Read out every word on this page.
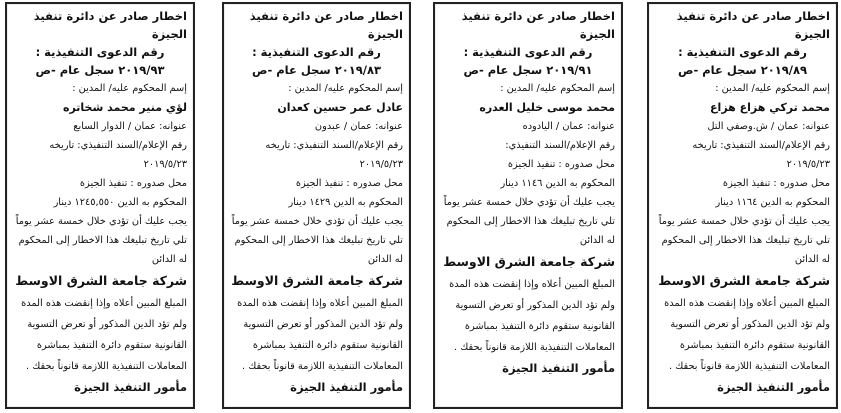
اخطار صادر عن دائرة تنفيذ الجيزة
رقم الدعوى التنفيذية :
٢٠١٩/٨٩ سجل عام -ص
إسم المحكوم عليه/ المدين :
محمد تركي هزاع هزاع
عنوانه: عمان / ش.وصفي التل
رقم الإعلام/السند التنفيذي: تاريخه
٢٠١٩/٥/٢٣
محل صدوره : تنفيذ الجيزة
المحكوم به الدين ١١٦٤ دينار
يجب عليك أن تؤدي خلال خمسة عشر يوماً
تلي تاريخ تبليغك هذا الاخطار إلى المحكوم
له الدائن
شركة جامعة الشرق الاوسط
المبلغ المبين أعلاه وإذا إنقضت هذه المدة
ولم تؤد الدين المذكور أو تعرض التسوية
القانونية ستقوم دائرة التنفيذ بمباشرة
المعاملات التنفيذية اللازمة قانوناً بحقك .
مأمور التنفيذ الجيزة
اخطار صادر عن دائرة تنفيذ الجيزة
رقم الدعوى التنفيذية :
٢٠١٩/٩١ سجل عام -ص
إسم المحكوم عليه/ المدين :
محمد موسى خليل العدره
عنوانه: عمان / اليادوده
رقم الإعلام/السند التنفيذي:
محل صدوره : تنفيذ الجيزة
المحكوم به الدين ١١٤٦ دينار
يجب عليك أن تؤدي خلال خمسة عشر يوماً
تلي تاريخ تبليغك هذا الاخطار إلى المحكوم
له الدائن
شركة جامعة الشرق الاوسط
المبلغ المبين أعلاه وإذا إنقضت هذه المدة
ولم تؤد الدين المذكور أو تعرض التسوية
القانونية ستقوم دائرة التنفيذ بمباشرة
المعاملات التنفيذية اللازمة قانوناً بحقك .
مأمور التنفيذ الجيزة
اخطار صادر عن دائرة تنفيذ الجيزة
رقم الدعوى التنفيذية :
٢٠١٩/٨٣ سجل عام -ص
إسم المحكوم عليه/ المدين :
عادل عمر حسين كعدان
عنوانه: عمان / عبدون
رقم الإعلام/السند التنفيذي: تاريخه
٢٠١٩/٥/٢٣
محل صدوره : تنفيذ الجيزة
المحكوم به الدين ١٤٢٩ دينار
يجب عليك أن تؤدي خلال خمسة عشر يوماً
تلي تاريخ تبليغك هذا الاخطار إلى المحكوم
له الدائن
شركة جامعة الشرق الاوسط
المبلغ المبين أعلاه وإذا إنقضت هذه المدة
ولم تؤد الدين المذكور أو تعرض التسوية
القانونية ستقوم دائرة التنفيذ بمباشرة
المعاملات التنفيذية اللازمة قانوناً بحقك .
مأمور التنفيذ الجيزة
اخطار صادر عن دائرة تنفيذ الجيزة
رقم الدعوى التنفيذية :
٢٠١٩/٩٣ سجل عام -ص
إسم المحكوم عليه/ المدين :
لؤي منير محمد شخاتره
عنوانه: عمان / الدوار السابع
رقم الإعلام/السند التنفيذي: تاريخه
٢٠١٩/٥/٢٣
محل صدوره : تنفيذ الجيزة
المحكوم به الدين ١٢٤٥,٥٥٠ دينار
يجب عليك أن تؤدي خلال خمسة عشر يوماً
تلي تاريخ تبليغك هذا الاخطار إلى المحكوم
له الدائن
شركة جامعة الشرق الاوسط
المبلغ المبين أعلاه وإذا إنقضت هذه المدة
ولم تؤد الدين المذكور أو تعرض التسوية
القانونية ستقوم دائرة التنفيذ بمباشرة
المعاملات التنفيذية اللازمة قانوناً بحقك .
مأمور التنفيذ الجيزة
